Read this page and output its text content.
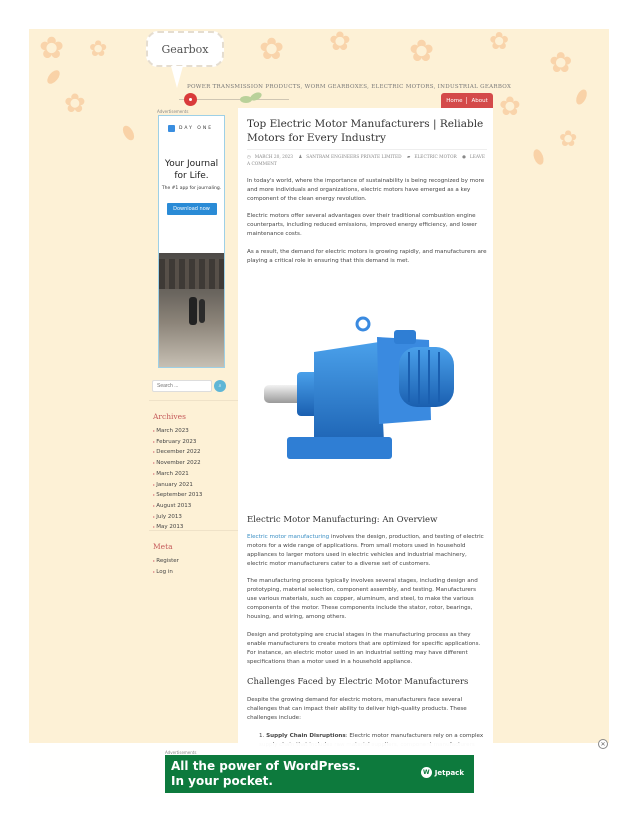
✿ ✿
✿
✿ ✿ ✿ ✿
✿
✿
✿
Gearbox
POWER TRANSMISSION PRODUCTS, WORM GEARBOXES, ELECTRIC MOTORS, INDUSTRIAL GEARBOX
Home About
Advertisements
DAY ONE
Your Journal
for Life.
The #1 app for journaling.
Download now
Search ...
⌕
Archives
▸ March 2023
▸ February 2023
▸ December 2022
▸ November 2022
▸ March 2021
▸ January 2021
▸ September 2013
▸ August 2013
▸ July 2013
▸ May 2013
Meta
▸ Register
▸ Log in
Top Electric Motor Manufacturers | Reliable Motors for Every Industry
◷ MARCH 20, 2023 ♟ SANTRAM ENGINEERS PRIVATE LIMITED ▰ ELECTRIC MOTOR ● LEAVE A COMMENT

In today's world, where the importance of sustainability is being recognized by more and more individuals and organizations, electric motors have emerged as a key component of the clean energy revolution.

Electric motors offer several advantages over their traditional combustion engine counterparts, including reduced emissions, improved energy efficiency, and lower maintenance costs.

As a result, the demand for electric motors is growing rapidly, and manufacturers are playing a critical role in ensuring that this demand is met.

Electric Motor Manufacturing: An Overview

Electric motor manufacturing involves the design, production, and testing of electric motors for a wide range of applications. From small motors used in household appliances to larger motors used in electric vehicles and industrial machinery, electric motor manufacturers cater to a diverse set of customers.

The manufacturing process typically involves several stages, including design and prototyping, material selection, component assembly, and testing. Manufacturers use various materials, such as copper, aluminum, and steel, to make the various components of the motor. These components include the stator, rotor, bearings, housing, and wiring, among others.

Design and prototyping are crucial stages in the manufacturing process as they enable manufacturers to create motors that are optimized for specific applications. For instance, an electric motor used in an industrial setting may have different specifications than a motor used in a household appliance.

Challenges Faced by Electric Motor Manufacturers

Despite the growing demand for electric motors, manufacturers face several challenges that can impact their ability to deliver high-quality products. These challenges include:

1. Supply Chain Disruptions: Electric motor manufacturers rely on a complex

Advertisements
All the power of WordPress.
In your pocket.
W Jetpack
✕
